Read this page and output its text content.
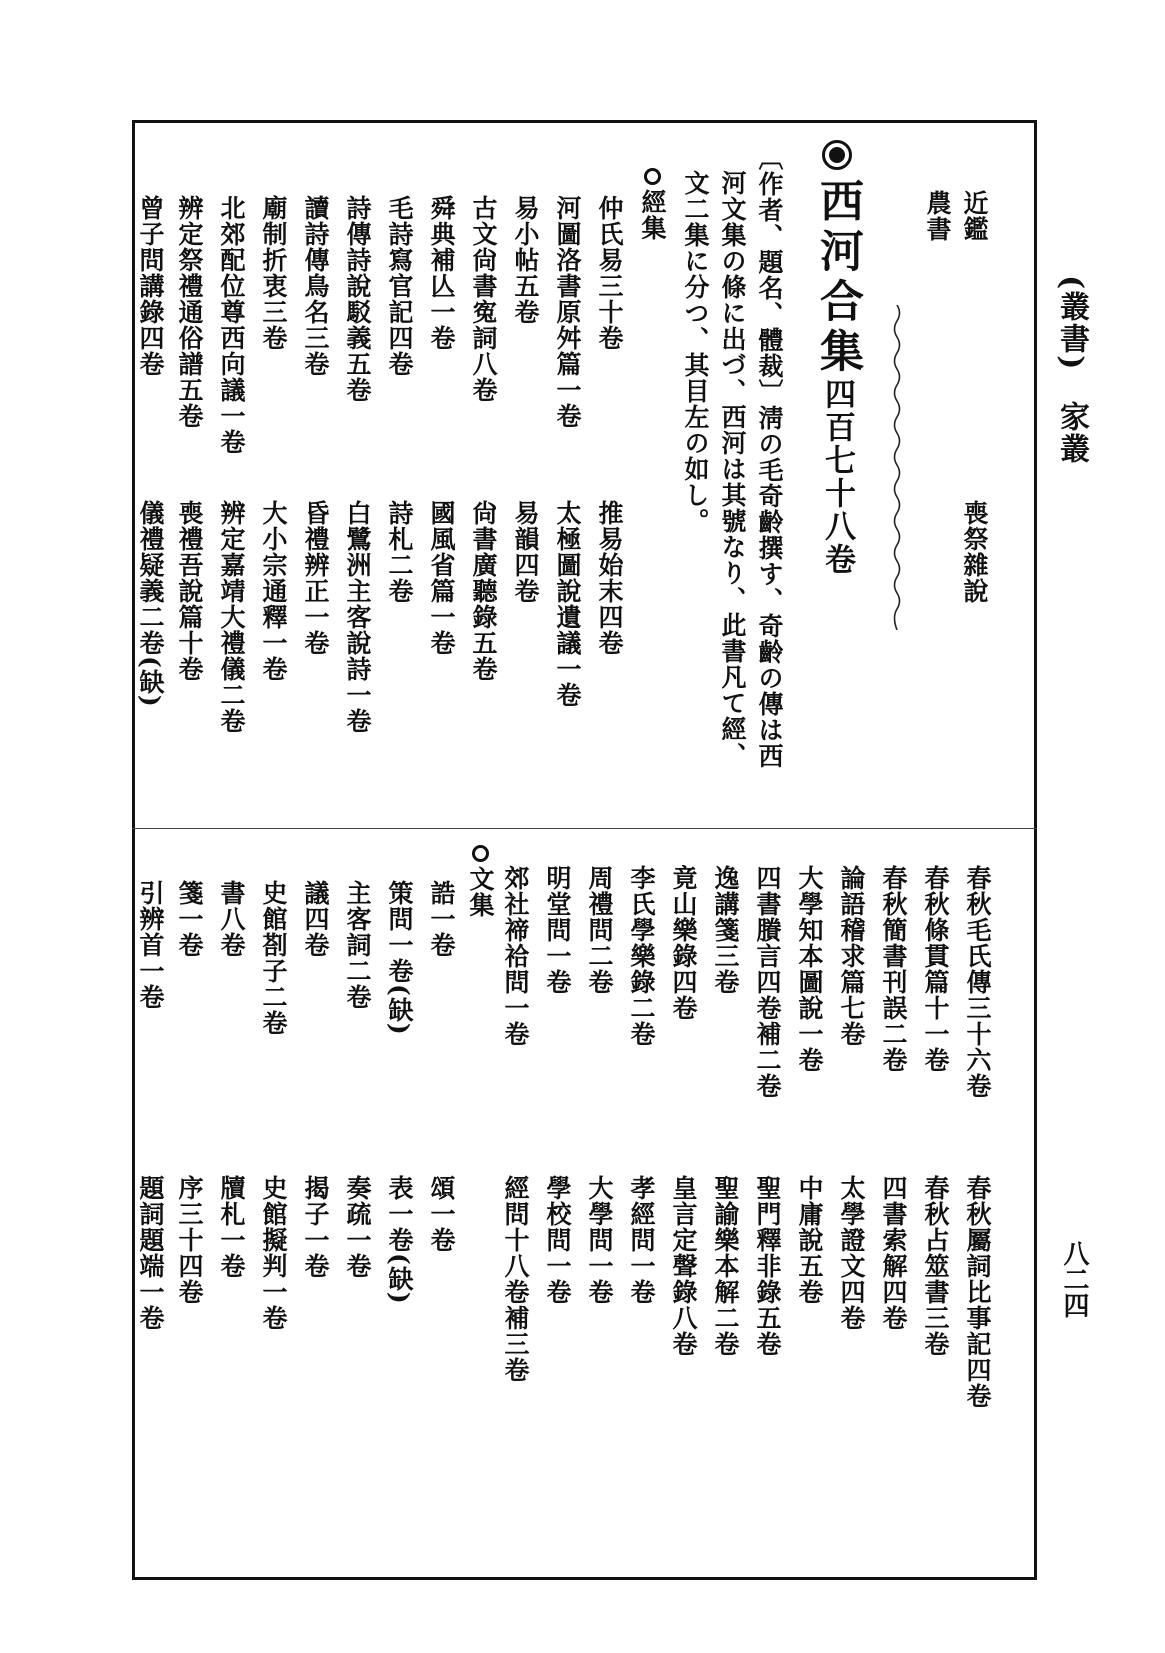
(叢書)家叢
八二四
近鑑
農書
喪祭雜說
西河合集四百七十八卷
〔作者、題名、體裁〕淸の毛奇齡撰す、奇齡の傳は西
河文集の條に出づ、西河は其號なり、此書凡て經、
文二集に分つ、其目左の如し。
經集
仲氏易三十卷
推易始末四卷
河圖洛書原舛篇一卷
太極圖說遺議一卷
易小帖五卷
易韻四卷
古文尙書寃詞八卷
尙書廣聽錄五卷
舜典補亾一卷
國風省篇一卷
毛詩寫官記四卷
詩札二卷
詩傳詩說駁義五卷
白鷺洲主客說詩一卷
讀詩傳鳥名三卷
昏禮辨正一卷
廟制折衷三卷
大小宗通釋一卷
北郊配位尊西向議一卷
辨定嘉靖大禮儀二卷
辨定祭禮通俗譜五卷
喪禮吾說篇十卷
曾子問講錄四卷
儀禮疑義二卷(缺)
春秋毛氏傳三十六卷
春秋屬詞比事記四卷
春秋條貫篇十一卷
春秋占筮書三卷
春秋簡書刊誤二卷
四書索解四卷
論語稽求篇七卷
太學證文四卷
大學知本圖說一卷
中庸說五卷
四書賸言四卷補二卷
聖門釋非錄五卷
逸講箋三卷
聖諭樂本解二卷
竟山樂錄四卷
皇言定聲錄八卷
李氏學樂錄二卷
孝經問一卷
周禮問二卷
大學問一卷
明堂問一卷
學校問一卷
郊社禘祫問一卷
經問十八卷補三卷
文集
誥一卷
頌一卷
策問一卷(缺)
表一卷(缺)
主客詞二卷
奏疏一卷
議四卷
揭子一卷
史館剳子二卷
史館擬判一卷
書八卷
牘札一卷
箋一卷
序三十四卷
引辨首一卷
題詞題端一卷
